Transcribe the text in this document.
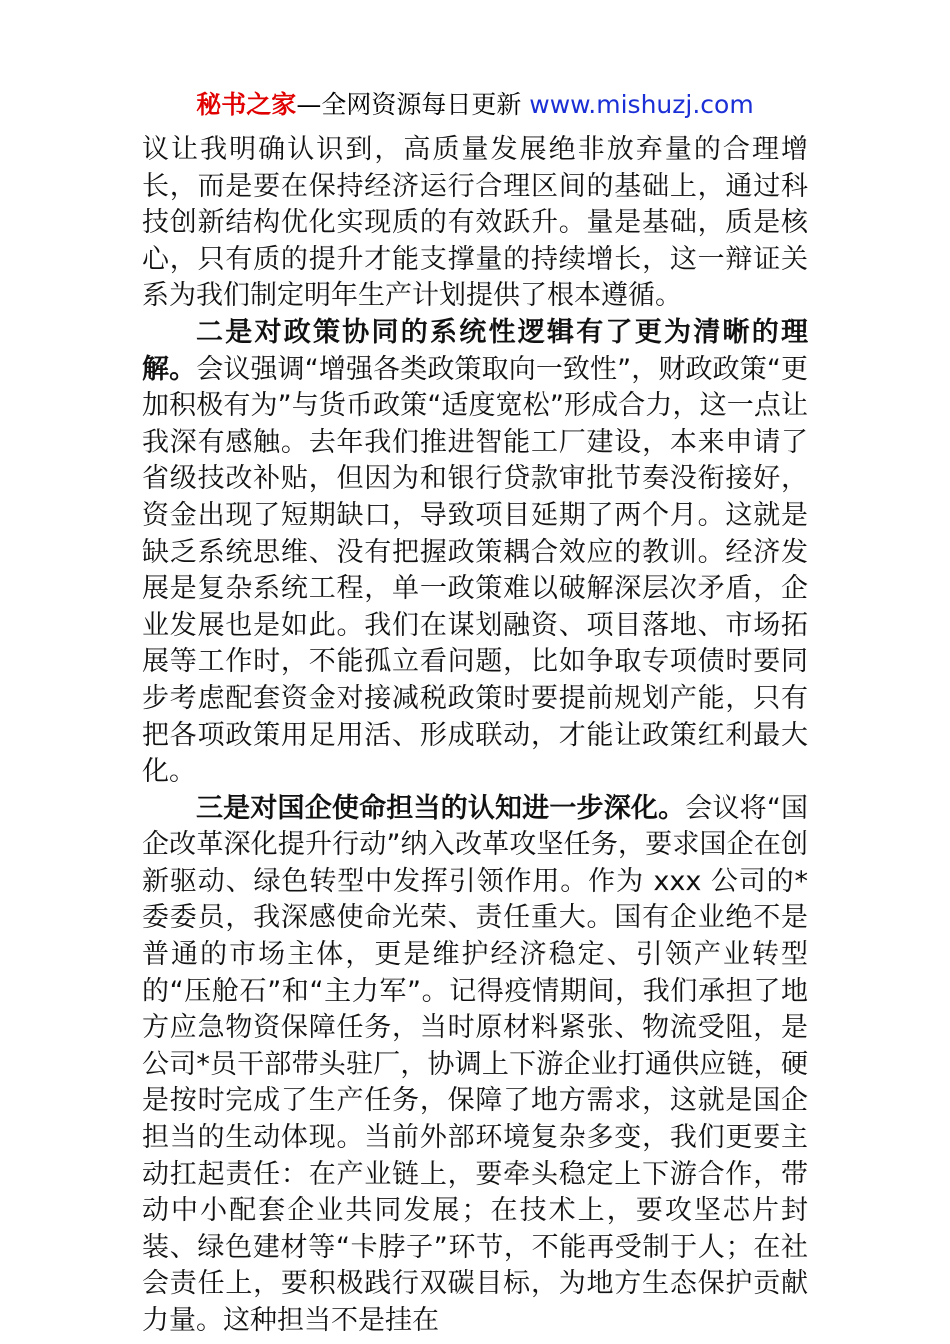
秘书之家—全网资源每日更新 www.mishuzj.com

议让我明确认识到，高质量发展绝非放弃量的合理增长，而是要在保持经济运行合理区间的基础上，通过科技创新结构优化实现质的有效跃升。量是基础，质是核心，只有质的提升才能支撑量的持续增长，这一辩证关系为我们制定明年生产计划提供了根本遵循。

二是对政策协同的系统性逻辑有了更为清晰的理解。会议强调“增强各类政策取向一致性”，财政政策“更加积极有为”与货币政策“适度宽松”形成合力，这一点让我深有感触。去年我们推进智能工厂建设，本来申请了省级技改补贴，但因为和银行贷款审批节奏没衔接好，资金出现了短期缺口，导致项目延期了两个月。这就是缺乏系统思维、没有把握政策耦合效应的教训。经济发展是复杂系统工程，单一政策难以破解深层次矛盾，企业发展也是如此。我们在谋划融资、项目落地、市场拓展等工作时，不能孤立看问题，比如争取专项债时要同步考虑配套资金对接减税政策时要提前规划产能，只有把各项政策用足用活、形成联动，才能让政策红利最大化。

三是对国企使命担当的认知进一步深化。会议将“国企改革深化提升行动”纳入改革攻坚任务，要求国企在创新驱动、绿色转型中发挥引领作用。作为 xxx 公司的*委委员，我深感使命光荣、责任重大。国有企业绝不是普通的市场主体，更是维护经济稳定、引领产业转型的“压舱石”和“主力军”。记得疫情期间，我们承担了地方应急物资保障任务，当时原材料紧张、物流受阻，是公司*员干部带头驻厂，协调上下游企业打通供应链，硬是按时完成了生产任务，保障了地方需求，这就是国企担当的生动体现。当前外部环境复杂多变，我们更要主动扛起责任：在产业链上，要牵头稳定上下游合作，带动中小配套企业共同发展；在技术上，要攻坚芯片封装、绿色建材等“卡脖子”环节，不能再受制于人；在社会责任上，要积极践行双碳目标，为地方生态保护贡献力量。这种担当不是挂在
